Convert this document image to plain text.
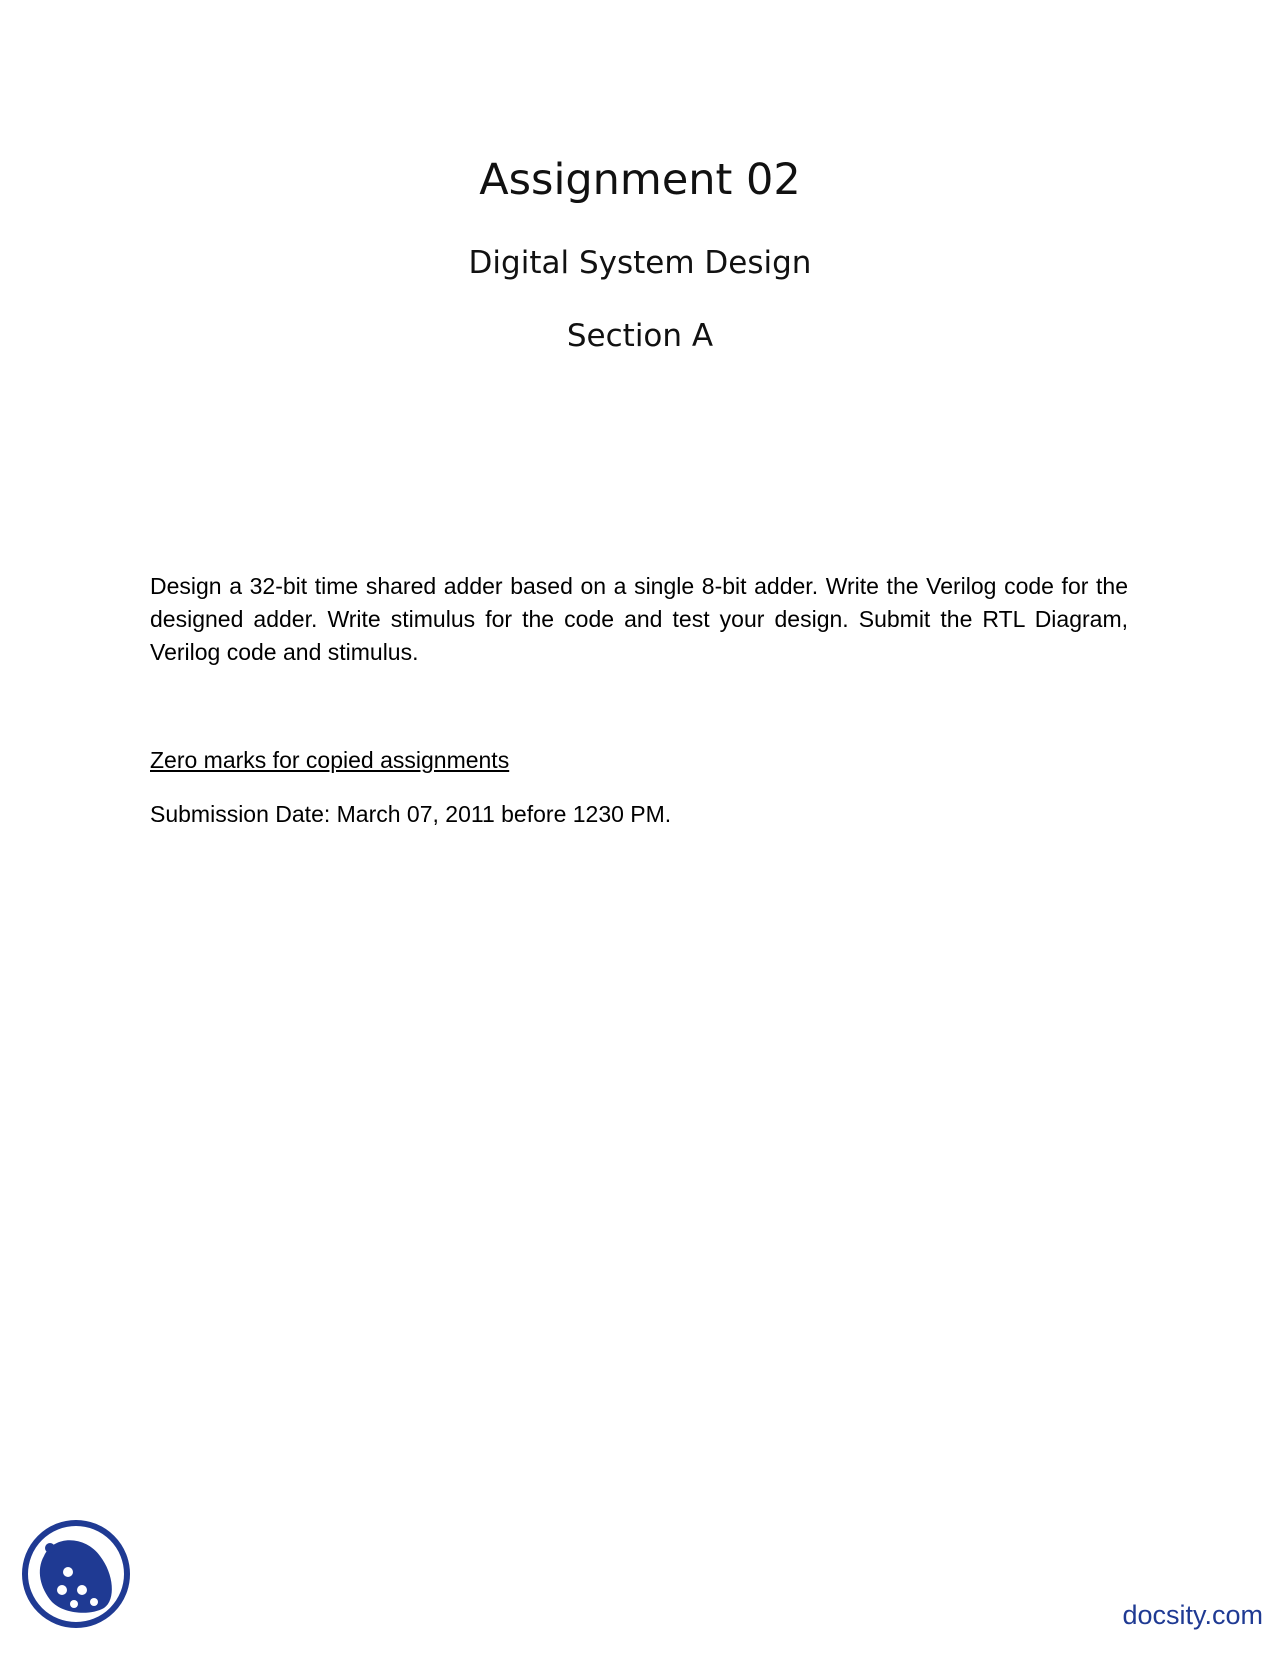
Assignment 02
Digital System Design
Section A
Design a 32-bit time shared adder based on a single 8-bit adder. Write the Verilog code for the designed adder. Write stimulus for the code and test your design. Submit the RTL Diagram, Verilog code and stimulus.
Zero marks for copied assignments
Submission Date: March 07, 2011 before 1230 PM.
docsity.com
